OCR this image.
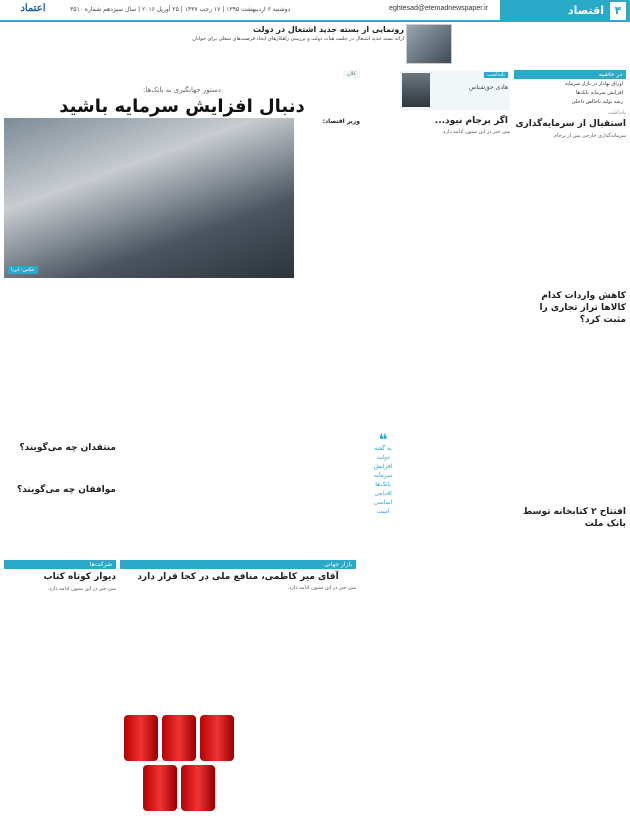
۴
اقتصاد
eghtesad@etemadnewspaper.ir
دوشنبه ۶ اردیبهشت ۱۳۹۵ | ۱۷ رجب ۱۴۳۷ | ۲۵ آوریل ۲۰۱۶ | سال سیزدهم شماره ۳۵۱۰
اعتماد
رونمایی از بسته جدید اشتغال در دولت

ارائه بسته جدید اشتغال در جلسه هیات دولت و بررسی راهکارهای ایجاد فرصت‌های شغلی برای جوانان

در حاشیه
اوراق بهادار در بازار سرمایه
افزایش سرمایه بانک‌ها
رشد تولید ناخالص داخلی
یادداشت
استقبال از سرمایه‌گذاری
سرمایه‌گذاری خارجی پس از برجام
کاهش واردات کدام کالاها تراز تجاری را مثبت کرد؟
افتتاح ۲ کتابخانه توسط بانک ملت
یادداشت
هادی حق‌شناس
اگر برجام نبود...
متن خبر در این ستون ادامه دارد.
❝
به گفته دولت افزایش سرمایه بانک‌ها اقدامی اساسی است
کلان
دستور جهانگیری به بانک‌ها:
دنبال افزایش سرمایه باشید
عکس: ایرنا
وزیر اقتصاد:
بازار جهانی
آقای میر کاظمی، منافع ملی در کجا قرار دارد
متن خبر در این ستون ادامه دارد.
شرکت‌ها
دیوار کوتاه کتاب
متن خبر در این ستون ادامه دارد.
منتقدان چه می‌گویند؟
موافقان چه می‌گویند؟
